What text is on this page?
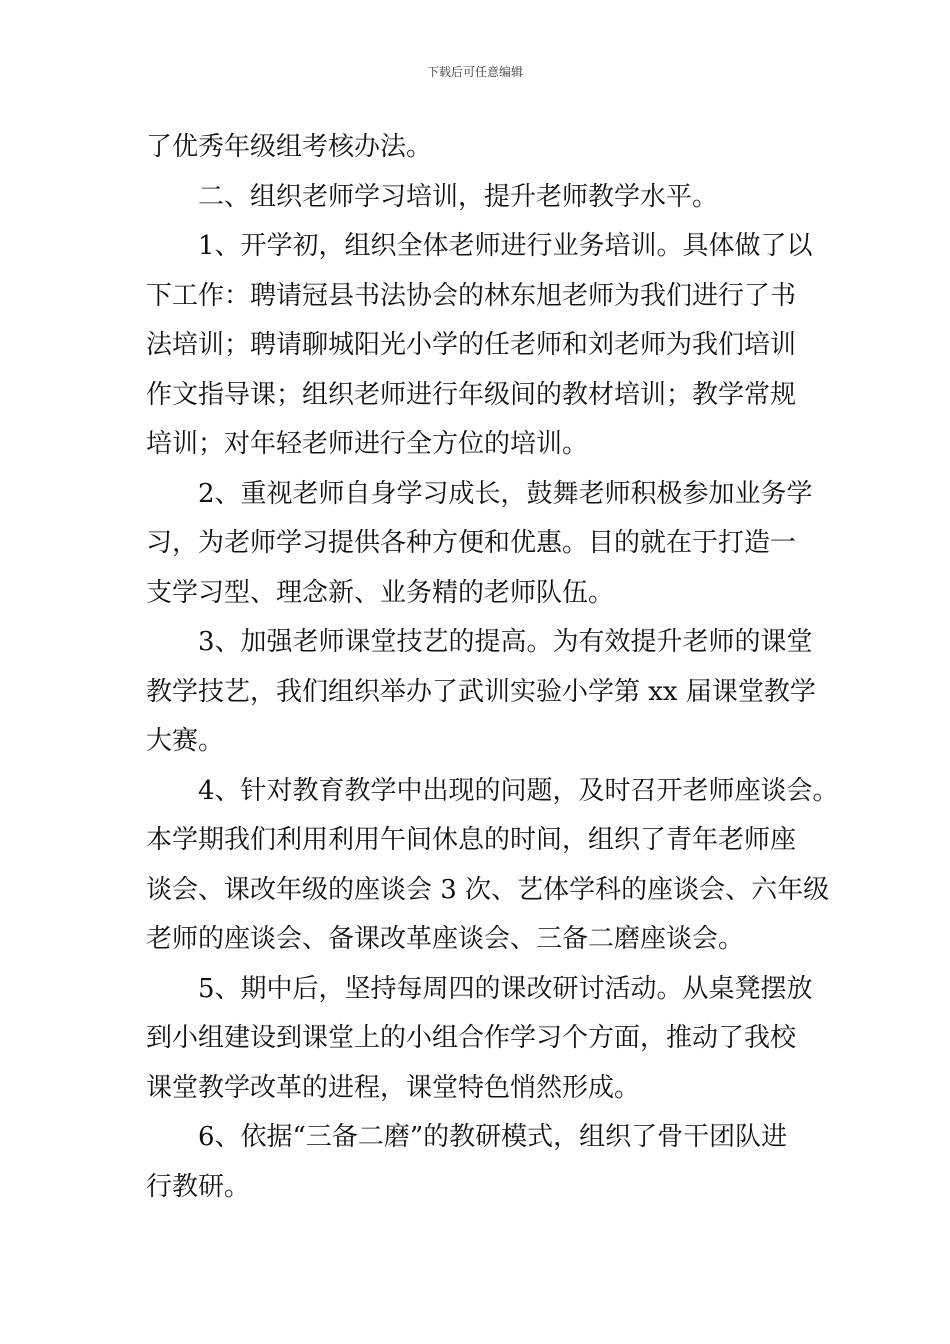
下载后可任意编辑
了优秀年级组考核办法。
二、组织老师学习培训，提升老师教学水平。
1、开学初，组织全体老师进行业务培训。具体做了以
下工作：聘请冠县书法协会的林东旭老师为我们进行了书
法培训；聘请聊城阳光小学的任老师和刘老师为我们培训
作文指导课；组织老师进行年级间的教材培训；教学常规
培训；对年轻老师进行全方位的培训。
2、重视老师自身学习成长，鼓舞老师积极参加业务学
习，为老师学习提供各种方便和优惠。目的就在于打造一
支学习型、理念新、业务精的老师队伍。
3、加强老师课堂技艺的提高。为有效提升老师的课堂
教学技艺，我们组织举办了武训实验小学第 xx 届课堂教学
大赛。
4、针对教育教学中出现的问题，及时召开老师座谈会。
本学期我们利用利用午间休息的时间，组织了青年老师座
谈会、课改年级的座谈会 3 次、艺体学科的座谈会、六年级
老师的座谈会、备课改革座谈会、三备二磨座谈会。
5、期中后，坚持每周四的课改研讨活动。从桌凳摆放
到小组建设到课堂上的小组合作学习个方面，推动了我校
课堂教学改革的进程，课堂特色悄然形成。
6、依据“三备二磨”的教研模式，组织了骨干团队进
行教研。
